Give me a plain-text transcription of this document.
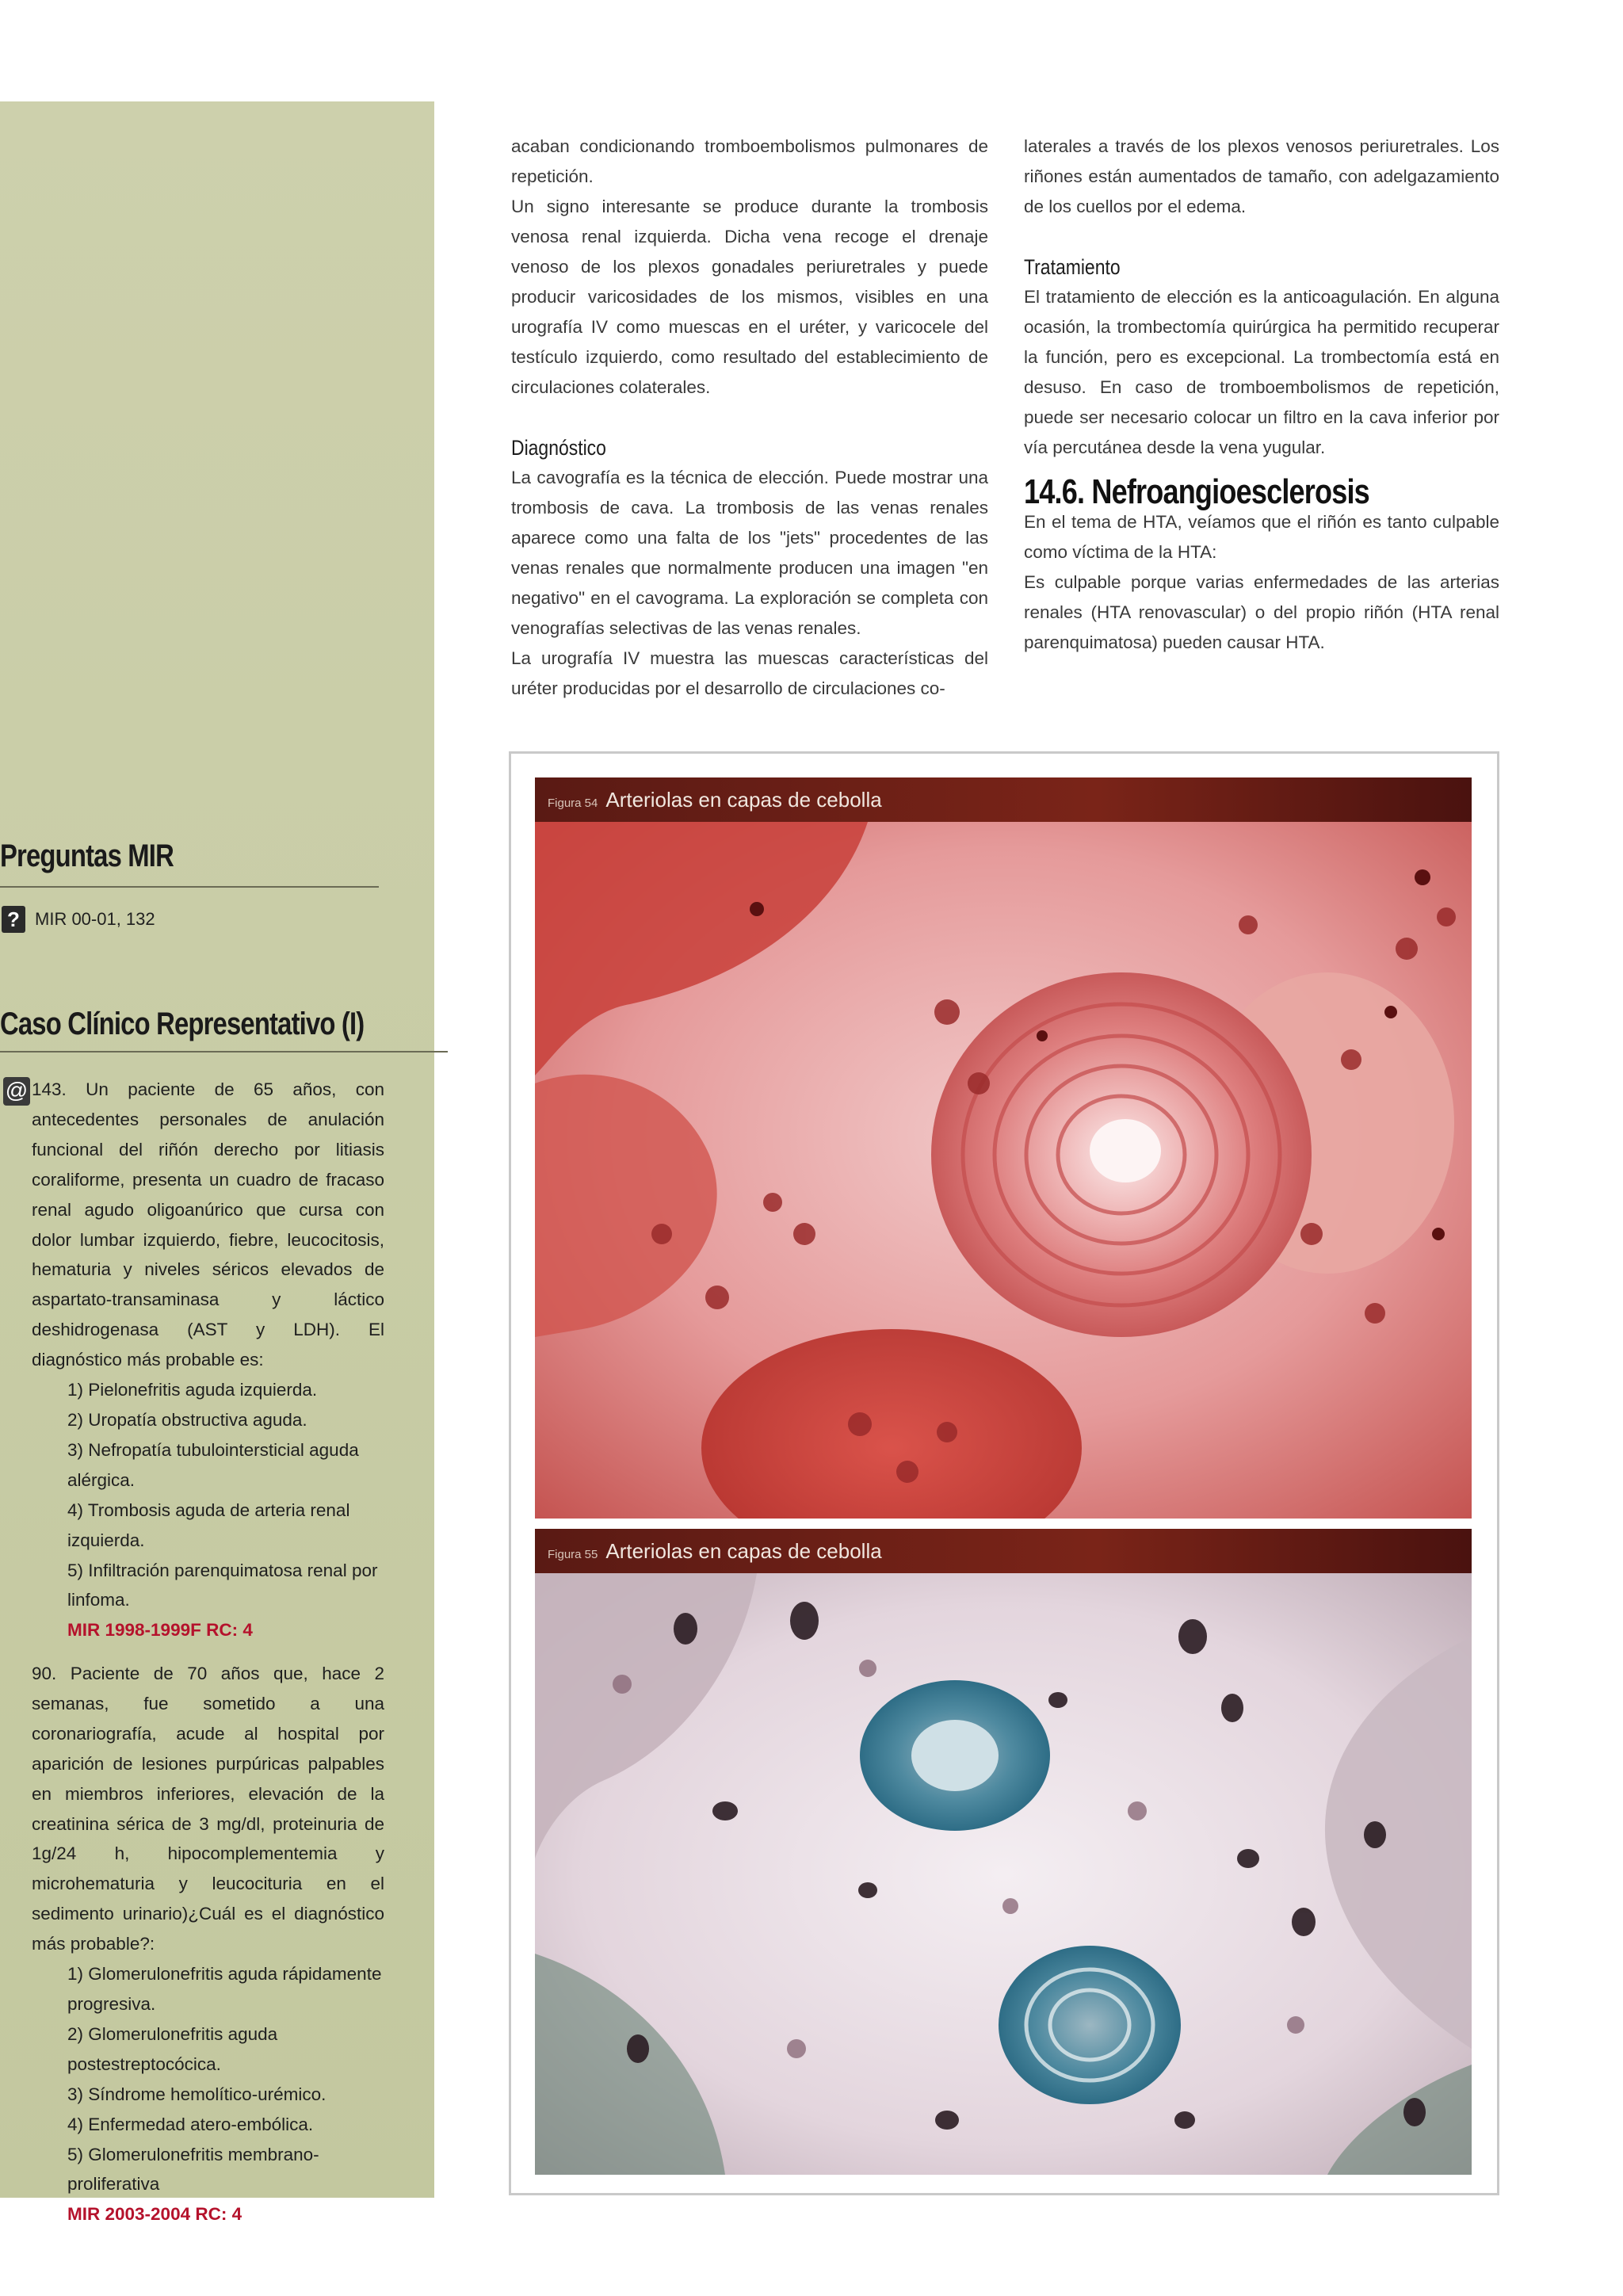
Preguntas MIR
? MIR 00-01, 132
Caso Clínico Representativo (I)
@ 143. Un paciente de 65 años, con antecedentes personales de anulación funcional del riñón derecho por litiasis coraliforme, presenta un cuadro de fracaso renal agudo oligoanúrico que cursa con dolor lumbar izquierdo, fiebre, leucocitosis, hematuria y niveles séricos elevados de aspartato-transaminasa y láctico deshidrogenasa (AST y LDH). El diagnóstico más probable es:

1) Pielonefritis aguda izquierda.

2) Uropatía obstructiva aguda.

3) Nefropatía tubulointersticial aguda alérgica.

4) Trombosis aguda de arteria renal izquierda.

5) Infiltración parenquimatosa renal por linfoma.

MIR 1998-1999F RC: 4

90. Paciente de 70 años que, hace 2 semanas, fue sometido a una coronariografía, acude al hospital por aparición de lesiones purpúricas palpables en miembros inferiores, elevación de la creatinina sérica de 3 mg/dl, proteinuria de 1g/24 h, hipocomplementemia y microhematuria y leucocituria en el sedimento urinario)¿Cuál es el diagnóstico más probable?:

1) Glomerulonefritis aguda rápidamente progresiva.

2) Glomerulonefritis aguda postestreptocócica.

3) Síndrome hemolítico-urémico.

4) Enfermedad atero-embólica.

5) Glomerulonefritis membrano-proliferativa

MIR 2003-2004 RC: 4

acaban condicionando tromboembolismos pulmonares de repetición.

Un signo interesante se produce durante la trombosis venosa renal izquierda. Dicha vena recoge el drenaje venoso de los plexos gonadales periuretrales y puede producir varicosidades de los mismos, visibles en una urografía IV como muescas en el uréter, y varicocele del testículo izquierdo, como resultado del establecimiento de circulaciones colaterales.

Diagnóstico

La cavografía es la técnica de elección. Puede mostrar una trombosis de cava. La trombosis de las venas renales aparece como una falta de los "jets" procedentes de las venas renales que normalmente producen una imagen "en negativo" en el cavograma. La exploración se completa con venografías selectivas de las venas renales.

La urografía IV muestra las muescas características del uréter producidas por el desarrollo de circulaciones co-

laterales a través de los plexos venosos periuretrales. Los riñones están aumentados de tamaño, con adelgazamiento de los cuellos por el edema.

Tratamiento

El tratamiento de elección es la anticoagulación. En alguna ocasión, la trombectomía quirúrgica ha permitido recuperar la función, pero es excepcional. La trombectomía está en desuso. En caso de tromboembolismos de repetición, puede ser necesario colocar un filtro en la cava inferior por vía percutánea desde la vena yugular.

14.6. Nefroangioesclerosis

En el tema de HTA, veíamos que el riñón es tanto culpable como víctima de la HTA:

Es culpable porque varias enfermedades de las arterias renales (HTA renovascular) o del propio riñón (HTA renal parenquimatosa) pueden causar HTA.

Figura 54 Arteriolas en capas de cebolla
Figura 55 Arteriolas en capas de cebolla
